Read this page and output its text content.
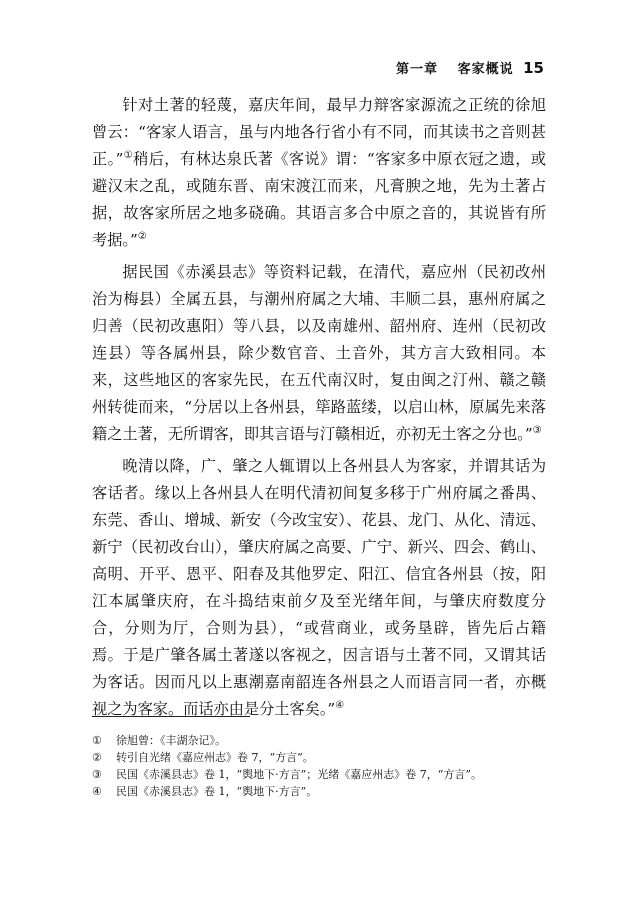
第一章 客家概说 15

针对土著的轻蔑，嘉庆年间，最早力辩客家源流之正统的徐旭曾云：“客家人语言，虽与内地各行省小有不同，而其读书之音则甚正。”①稍后，有林达泉氏著《客说》谓：“客家多中原衣冠之遗，或避汉末之乱，或随东晋、南宋渡江而来，凡膏腴之地，先为土著占据，故客家所居之地多硗确。其语言多合中原之音的，其说皆有所考据。”②

据民国《赤溪县志》等资料记载，在清代，嘉应州（民初改州治为梅县）全属五县，与潮州府属之大埔、丰顺二县，惠州府属之归善（民初改惠阳）等八县，以及南雄州、韶州府、连州（民初改连县）等各属州县，除少数官音、土音外，其方言大致相同。本来，这些地区的客家先民，在五代南汉时，复由闽之汀州、赣之赣州转徙而来，“分居以上各州县，筚路蓝缕，以启山林，原属先来落籍之土著，无所谓客，即其言语与汀赣相近，亦初无土客之分也。”③

晚清以降，广、肇之人辄谓以上各州县人为客家，并谓其话为客话者。缘以上各州县人在明代清初间复多移于广州府属之番禺、东莞、香山、增城、新安（今改宝安）、花县、龙门、从化、清远、新宁（民初改台山），肇庆府属之高要、广宁、新兴、四会、鹤山、高明、开平、恩平、阳春及其他罗定、阳江、信宜各州县（按，阳江本属肇庆府，在斗捣结束前夕及至光绪年间，与肇庆府数度分合，分则为厅，合则为县），“或营商业，或务垦辟，皆先后占籍焉。于是广肇各属土著遂以客视之，因言语与土著不同，又谓其话为客话。因而凡以上惠潮嘉南韶连各州县之人而语言同一者，亦概视之为客家。而话亦由是分土客矣。”④

①	徐旭曾：《丰湖杂记》。
②	转引自光绪《嘉应州志》卷 7，“方言”。
③	民国《赤溪县志》卷 1，“舆地下·方言”；光绪《嘉应州志》卷 7，“方言”。
④	民国《赤溪县志》卷 1，“舆地下·方言”。
